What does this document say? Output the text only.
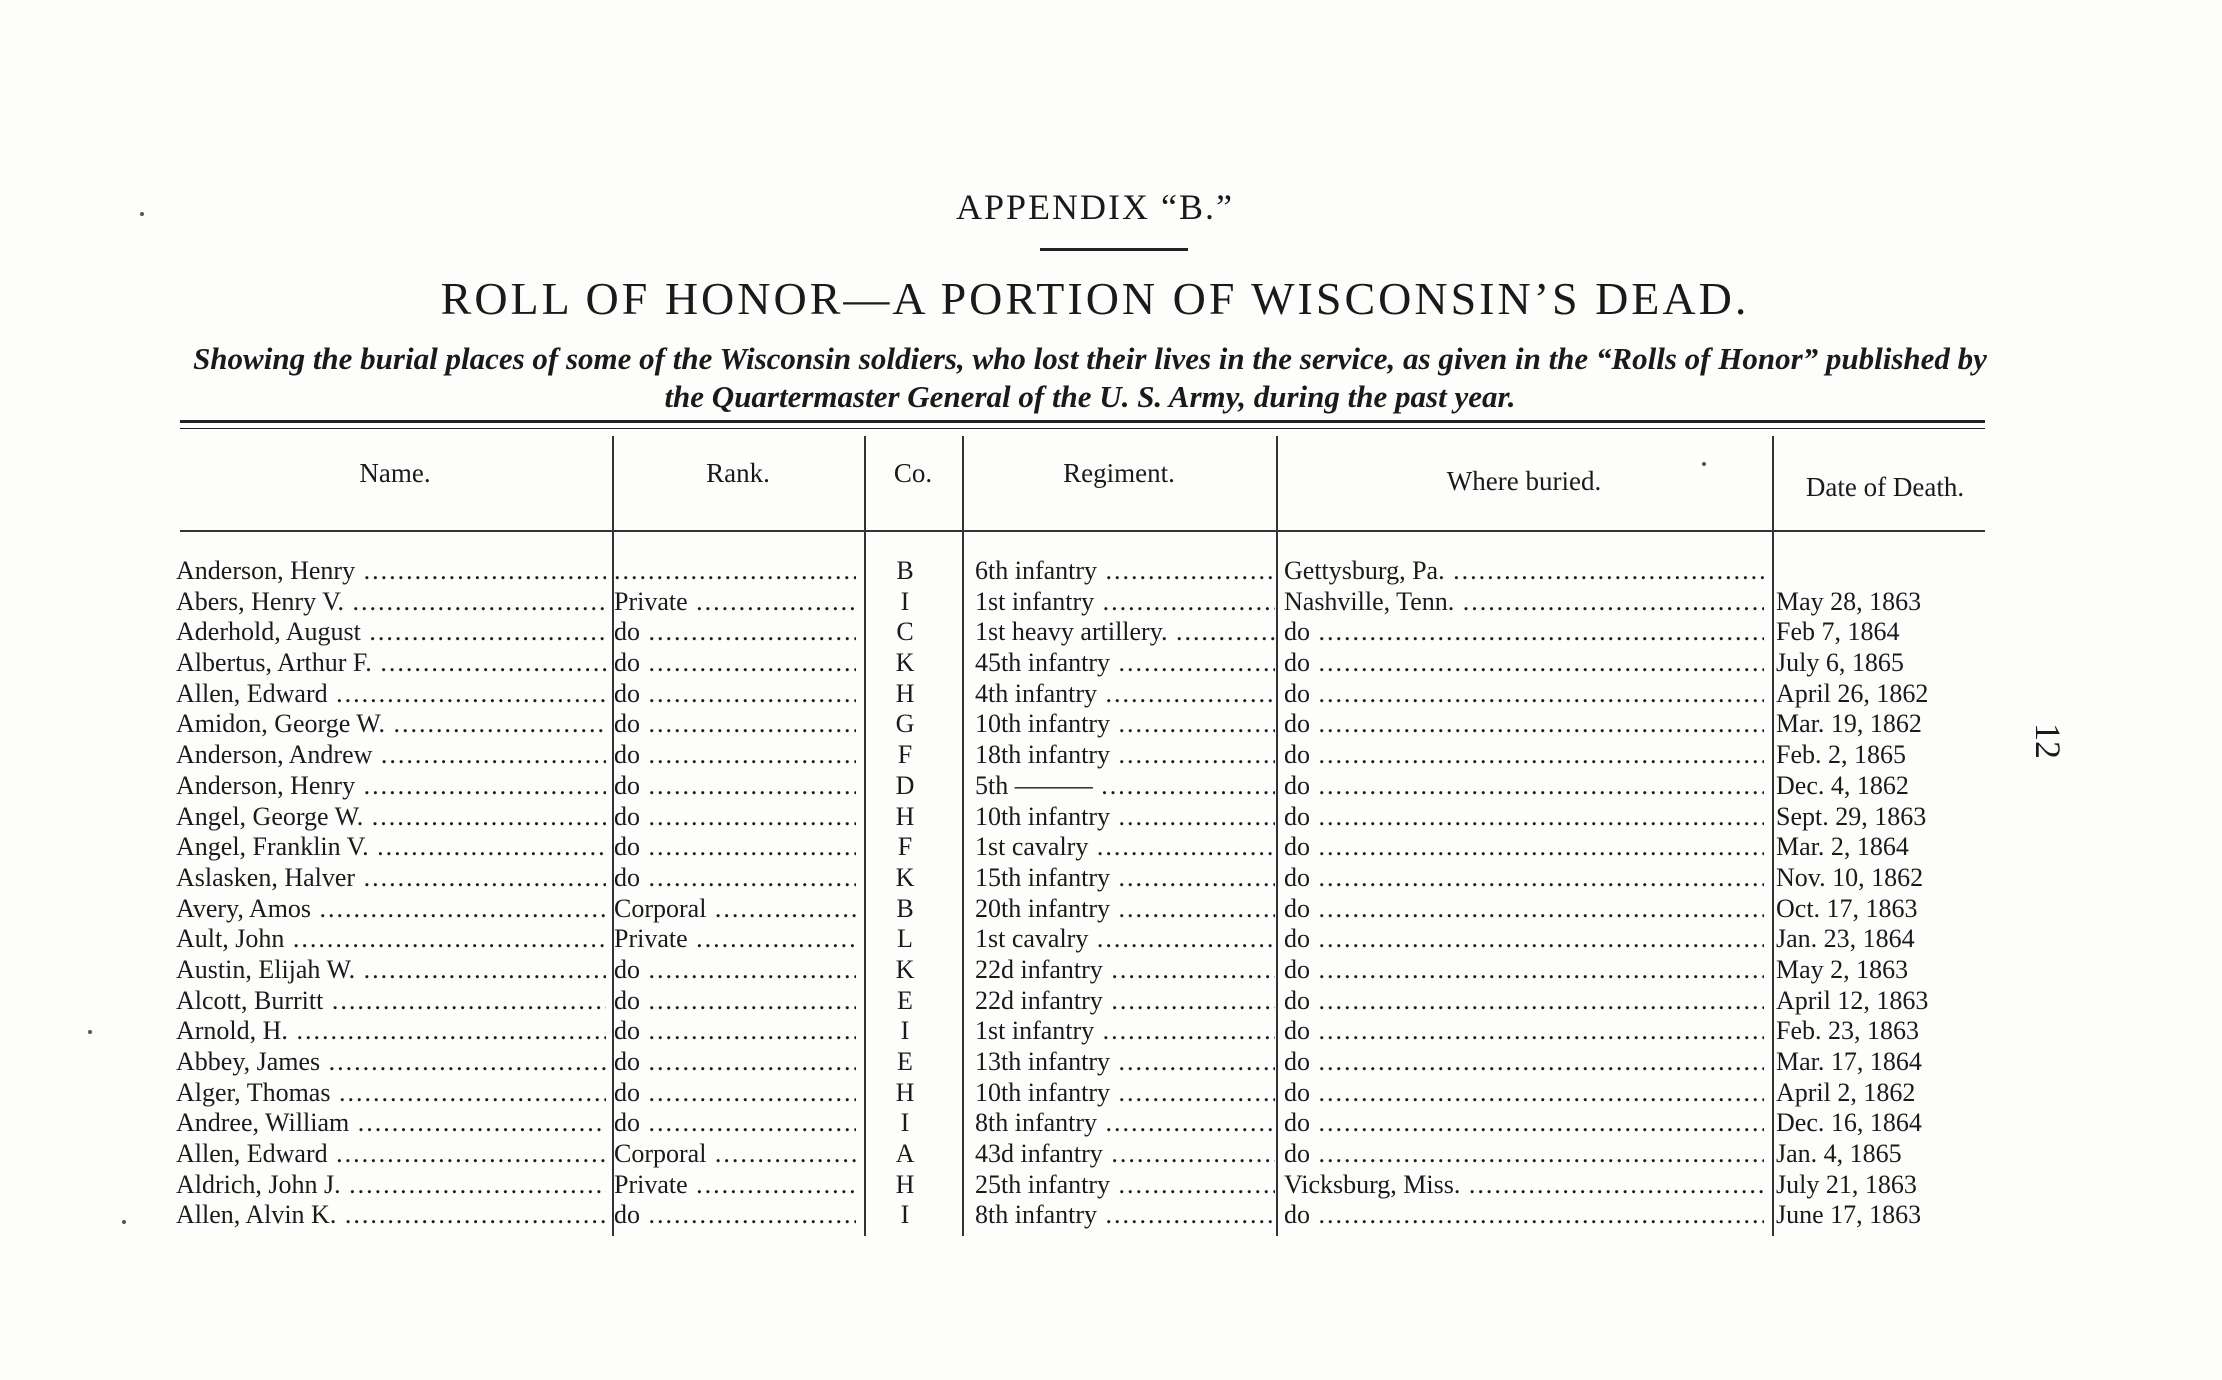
APPENDIX “B.”
ROLL OF HONOR—A PORTION OF WISCONSIN’S DEAD.
Showing the burial places of some of the Wisconsin soldiers, who lost their lives in the service, as given in the “Rolls of Honor” published by the Quartermaster General of the U. S. Army, during the past year.
Name.	Rank.	Co.	Regiment.	Where buried.	Date of Death.
Anderson, Henry .....
.....	B	6th infantry .....	Gettysburg, Pa. .....
Abers, Henry V. .....	Private .....	I	1st infantry .....	Nashville, Tenn. .....	May 28, 1863
Aderhold, August .....	do .....	C	1st heavy artillery. .....	do .....	Feb 7, 1864
Albertus, Arthur F. .....	do .....	K	45th infantry .....	do .....	July 6, 1865
Allen, Edward .....	do .....	H	4th infantry .....	do .....	April 26, 1862
Amidon, George W. .....	do .....	G	10th infantry .....	do .....	Mar. 19, 1862
Anderson, Andrew .....	do .....	F	18th infantry .....	do .....	Feb. 2, 1865
Anderson, Henry .....	do .....	D	5th ——— .....	do .....	Dec. 4, 1862
Angel, George W. .....	do .....	H	10th infantry .....	do .....	Sept. 29, 1863
Angel, Franklin V. .....	do .....	F	1st cavalry .....	do .....	Mar. 2, 1864
Aslasken, Halver .....	do .....	K	15th infantry .....	do .....	Nov. 10, 1862
Avery, Amos .....	Corporal .....	B	20th infantry .....	do .....	Oct. 17, 1863
Ault, John .....	Private .....	L	1st cavalry .....	do .....	Jan. 23, 1864
Austin, Elijah W. .....	do .....	K	22d infantry .....	do .....	May 2, 1863
Alcott, Burritt .....	do .....	E	22d infantry .....	do .....	April 12, 1863
Arnold, H. .....	do .....	I	1st infantry .....	do .....	Feb. 23, 1863
Abbey, James .....	do .....	E	13th infantry .....	do .....	Mar. 17, 1864
Alger, Thomas .....	do .....	H	10th infantry .....	do .....	April 2, 1862
Andree, William .....	do .....	I	8th infantry .....	do .....	Dec. 16, 1864
Allen, Edward .....	Corporal .....	A	43d infantry .....	do .....	Jan. 4, 1865
Aldrich, John J. .....	Private .....	H	25th infantry .....	Vicksburg, Miss. .....	July 21, 1863
Allen, Alvin K. .....	do .....	I	8th infantry .....	do .....	June 17, 1863
12
